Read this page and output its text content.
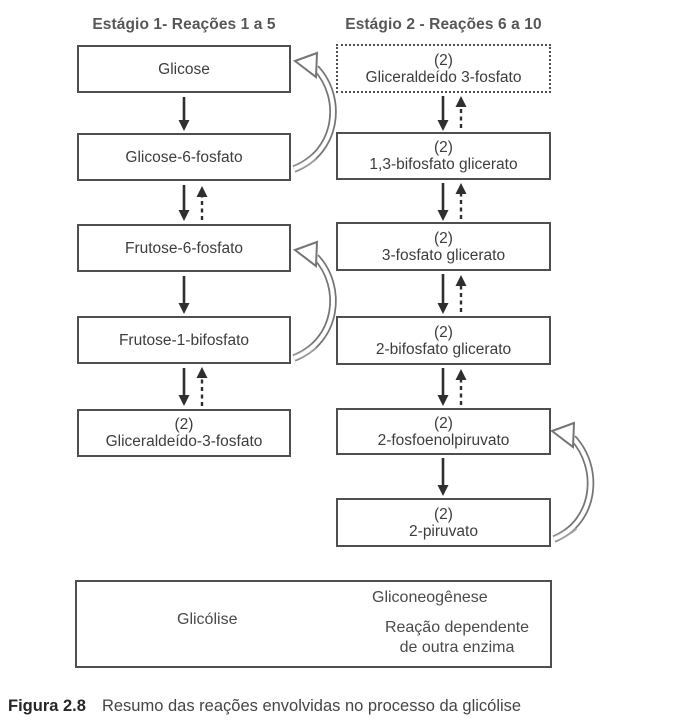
Estágio 1- Reações 1 a 5	Estágio 2 - Reações 6 a 10
Glicose
Glicose-6-fosfato
Frutose-6-fosfato
Frutose-1-bifosfato
(2)
Gliceraldeído-3-fosfato
(2)
Gliceraldeído 3-fosfato
(2)
1,3-bifosfato glicerato
(2)
3-fosfato glicerato
(2)
2-bifosfato glicerato
(2)
2-fosfoenolpiruvato
(2)
2-piruvato
Glicólise
Gliconeogênese
Reação dependente
de outra enzima
Figura 2.8 Resumo das reações envolvidas no processo da glicólise
